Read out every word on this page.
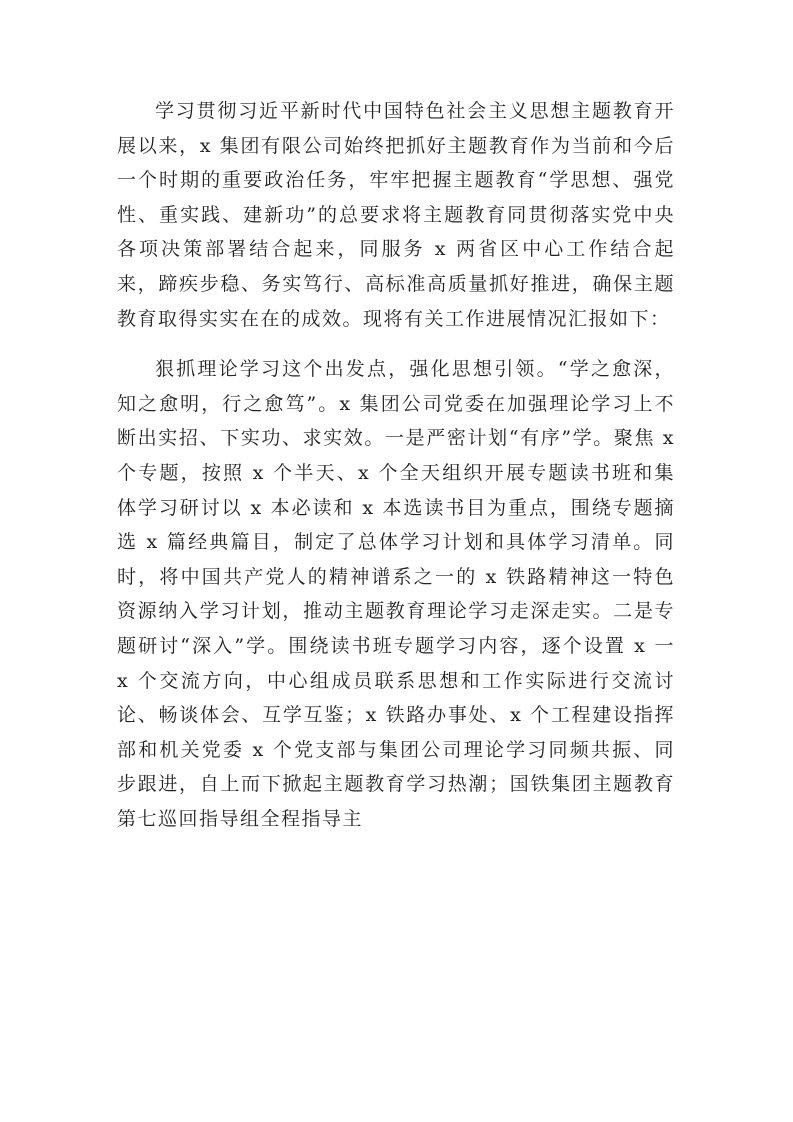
学习贯彻习近平新时代中国特色社会主义思想主题教育开展以来，x 集团有限公司始终把抓好主题教育作为当前和今后一个时期的重要政治任务，牢牢把握主题教育“学思想、强党性、重实践、建新功”的总要求将主题教育同贯彻落实党中央各项决策部署结合起来，同服务 x 两省区中心工作结合起来，蹄疾步稳、务实笃行、高标准高质量抓好推进，确保主题教育取得实实在在的成效。现将有关工作进展情况汇报如下：

狠抓理论学习这个出发点，强化思想引领。“学之愈深，知之愈明，行之愈笃”。x 集团公司党委在加强理论学习上不断出实招、下实功、求实效。一是严密计划“有序”学。聚焦 x 个专题，按照 x 个半天、x 个全天组织开展专题读书班和集体学习研讨以 x 本必读和 x 本选读书目为重点，围绕专题摘选 x 篇经典篇目，制定了总体学习计划和具体学习清单。同时，将中国共产党人的精神谱系之一的 x 铁路精神这一特色资源纳入学习计划，推动主题教育理论学习走深走实。二是专题研讨“深入”学。围绕读书班专题学习内容，逐个设置 x 一 x 个交流方向，中心组成员联系思想和工作实际进行交流讨论、畅谈体会、互学互鉴；x 铁路办事处、x 个工程建设指挥部和机关党委 x 个党支部与集团公司理论学习同频共振、同步跟进，自上而下掀起主题教育学习热潮；国铁集团主题教育第七巡回指导组全程指导主
